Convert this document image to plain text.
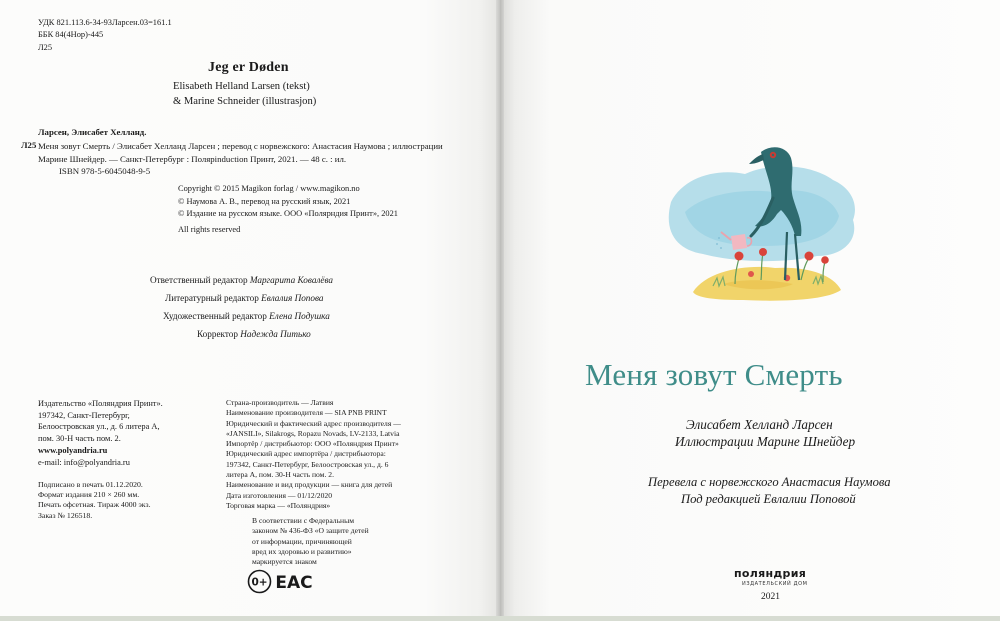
УДК 821.113.6-34-93Ларсен.03=161.1
ББК 84(4Нор)-445
Л25
Jeg er Døden
Elisabeth Helland Larsen (tekst)
& Marine Schneider (illustrasjon)
Ларсен, Элисабет Хелланд.
Л25 Меня зовут Смерть / Элисабет Хелланд Ларсен ; перевод с норвежского: Анастасия Наумова ; иллюстрации Марине Шнейдер. — Санкт-Петербург : Полярinduction Принт, 2021. — 48 с. : ил.
ISBN 978-5-6045048-9-5
Copyright © 2015 Magikon forlag / www.magikon.no
© Наумова А. В., перевод на русский язык, 2021
© Издание на русском языке. ООО «Полярндия Принт», 2021
All rights reserved
Ответственный редактор Маргарита Ковалёва
Литературный редактор Евлалия Попова
Художественный редактор Елена Подушка
Корректор Надежда Питько
Издательство «Поляндрия Принт».
197342, Санкт-Петербург,
Белоостровская ул., д. 6 литера А,
пом. 30-Н часть пом. 2.
www.polyandria.ru
e-mail: info@polyandria.ru
Подписано в печать 01.12.2020.
Формат издания 210 × 260 мм.
Печать офсетная. Тираж 4000 экз.
Заказ № 126518.
Страна-производитель — Латвия
Наименование производителя — SIA PNB PRINT
Юридический и фактический адрес производителя —
«JANSILI», Silakrogs, Ropazu Novads, LV-2133, Latvia
Импортёр / дистрибьютор: ООО «Поляндрия Принт»
Юридический адрес импортёра / дистрибьютора:
197342, Санкт-Петербург, Белоостровская ул., д. 6
литера А, пом. 30-Н часть пом. 2.
Наименование и вид продукции — книга для детей
Дата изготовления — 01/12/2020
Торговая марка — «Поляндрия»
В соответствии с Федеральным
законом № 436-ФЗ «О защите детей
от информации, причиняющей
вред их здоровью и развитию»
маркируется знаком
0+ EAC
Меня зовут Смерть
Элисабет Хелланд Ларсен
Иллюстрации Марине Шнейдер
Перевела с норвежского Анастасия Наумова
Под редакцией Евлалии Поповой
поляндрия
ИЗДАТЕЛЬСКИЙ ДОМ
2021
